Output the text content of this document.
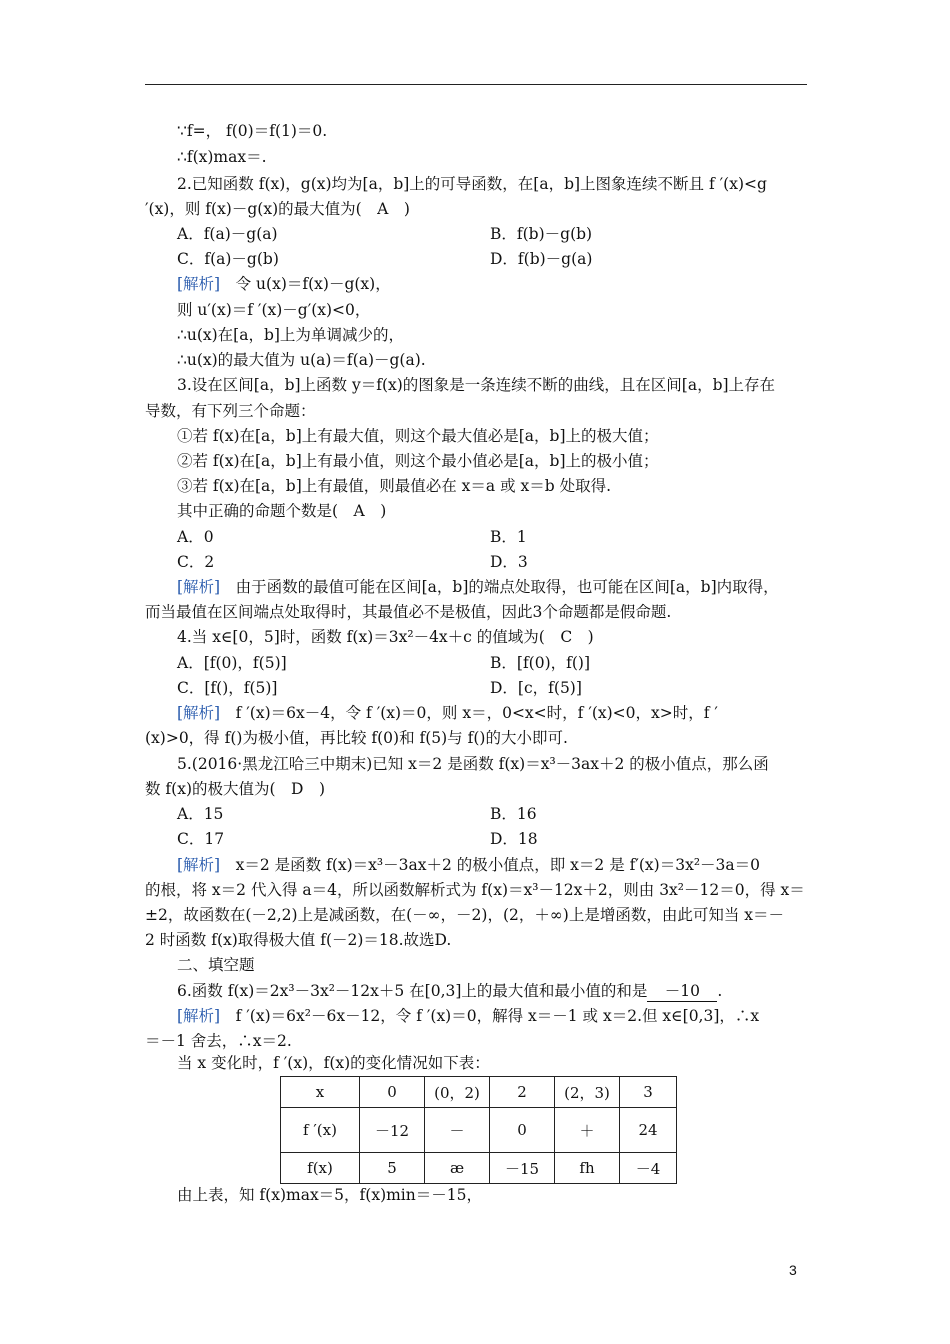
∵f=， f(0)＝f(1)＝0.
∴f(x)max＝.
2.已知函数 f(x)，g(x)均为[a，b]上的可导函数，在[a，b]上图象连续不断且 f ′(x)<g
′(x)，则 f(x)－g(x)的最大值为(　A　)
A．f(a)－g(a)	B．f(b)－g(b)
C．f(a)－g(b)	D．f(b)－g(a)
[解析]　 令 u(x)＝f(x)－g(x)，
则 u′(x)＝f ′(x)－g′(x)<0，
∴u(x)在[a，b]上为单调减少的，
∴u(x)的最大值为 u(a)＝f(a)－g(a).
3.设在区间[a，b]上函数 y＝f(x)的图象是一条连续不断的曲线，且在区间[a，b]上存在
导数，有下列三个命题：
①若 f(x)在[a，b]上有最大值，则这个最大值必是[a，b]上的极大值；
②若 f(x)在[a，b]上有最小值，则这个最小值必是[a，b]上的极小值；
③若 f(x)在[a，b]上有最值，则最值必在 x＝a 或 x＝b 处取得.
其中正确的命题个数是(　A　)
A．0	B．1
C．2	D．3
[解析]　 由于函数的最值可能在区间[a，b]的端点处取得，也可能在区间[a，b]内取得，
而当最值在区间端点处取得时，其最值必不是极值，因此3个命题都是假命题.
4.当 x∈[0，5]时，函数 f(x)＝3x²－4x＋c 的值域为(　C　)
A．[f(0)，f(5)]	B．[f(0)，f()]
C．[f()，f(5)]	D．[c，f(5)]
[解析]　 f ′(x)＝6x－4，令 f ′(x)＝0，则 x＝，0<x<时，f ′(x)<0，x>时，f ′
(x)>0，得 f()为极小值，再比较 f(0)和 f(5)与 f()的大小即可.
5.(2016·黑龙江哈三中期末)已知 x＝2 是函数 f(x)＝x³－3ax＋2 的极小值点，那么函
数 f(x)的极大值为(　D　)
A．15	B．16
C．17	D．18
[解析]　 x＝2 是函数 f(x)＝x³－3ax＋2 的极小值点，即 x＝2 是 f′(x)＝3x²－3a＝0
的根，将 x＝2 代入得 a＝4，所以函数解析式为 f(x)＝x³－12x＋2，则由 3x²－12＝0，得 x＝
±2，故函数在(－2,2)上是减函数，在(－∞，－2)，(2，＋∞)上是增函数，由此可知当 x＝－
2 时函数 f(x)取得极大值 f(－2)＝18.故选D.
二、填空题
6.函数 f(x)＝2x³－3x²－12x＋5 在[0,3]上的最大值和最小值的和是 －10 .
[解析]　 f ′(x)＝6x²－6x－12，令 f ′(x)＝0，解得 x＝－1 或 x＝2.但 x∈[0,3]，∴x
＝－1 舍去，∴x＝2.
当 x 变化时，f ′(x)，f(x)的变化情况如下表：
x	0	(0，2)	2	(2，3)	3
f ′(x)	－12	－	0	＋	24
f(x)	5	æ	－15	fh	－4
由上表，知 f(x)max＝5，f(x)min＝－15，
3
